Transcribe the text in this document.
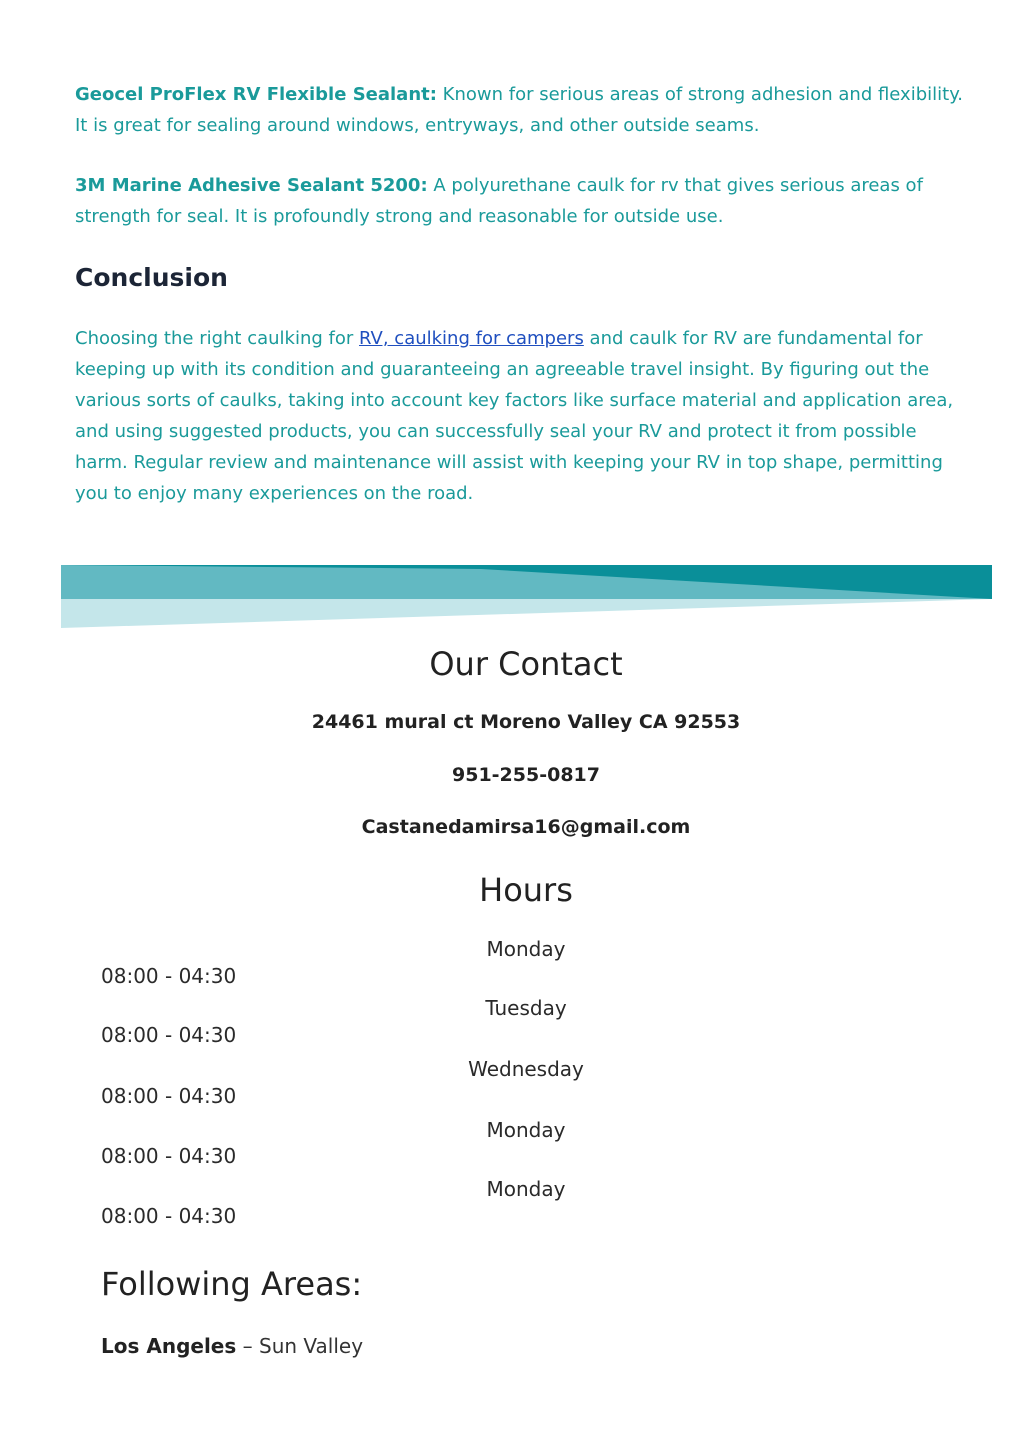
Geocel ProFlex RV Flexible Sealant: Known for serious areas of strong adhesion and flexibility. It is great for sealing around windows, entryways, and other outside seams.

3M Marine Adhesive Sealant 5200: A polyurethane caulk for rv that gives serious areas of strength for seal. It is profoundly strong and reasonable for outside use.

Conclusion

Choosing the right caulking for RV, caulking for campers and caulk for RV are fundamental for keeping up with its condition and guaranteeing an agreeable travel insight. By figuring out the various sorts of caulks, taking into account key factors like surface material and application area, and using suggested products, you can successfully seal your RV and protect it from possible harm. Regular review and maintenance will assist with keeping your RV in top shape, permitting you to enjoy many experiences on the road.

Our Contact

24461 mural ct Moreno Valley CA 92553

951-255-0817

Castanedamirsa16@gmail.com

Hours

Monday

08:00 - 04:30

Tuesday

08:00 - 04:30

Wednesday

08:00 - 04:30

Monday

08:00 - 04:30

Monday

08:00 - 04:30

Following Areas:

Los Angeles – Sun Valley
